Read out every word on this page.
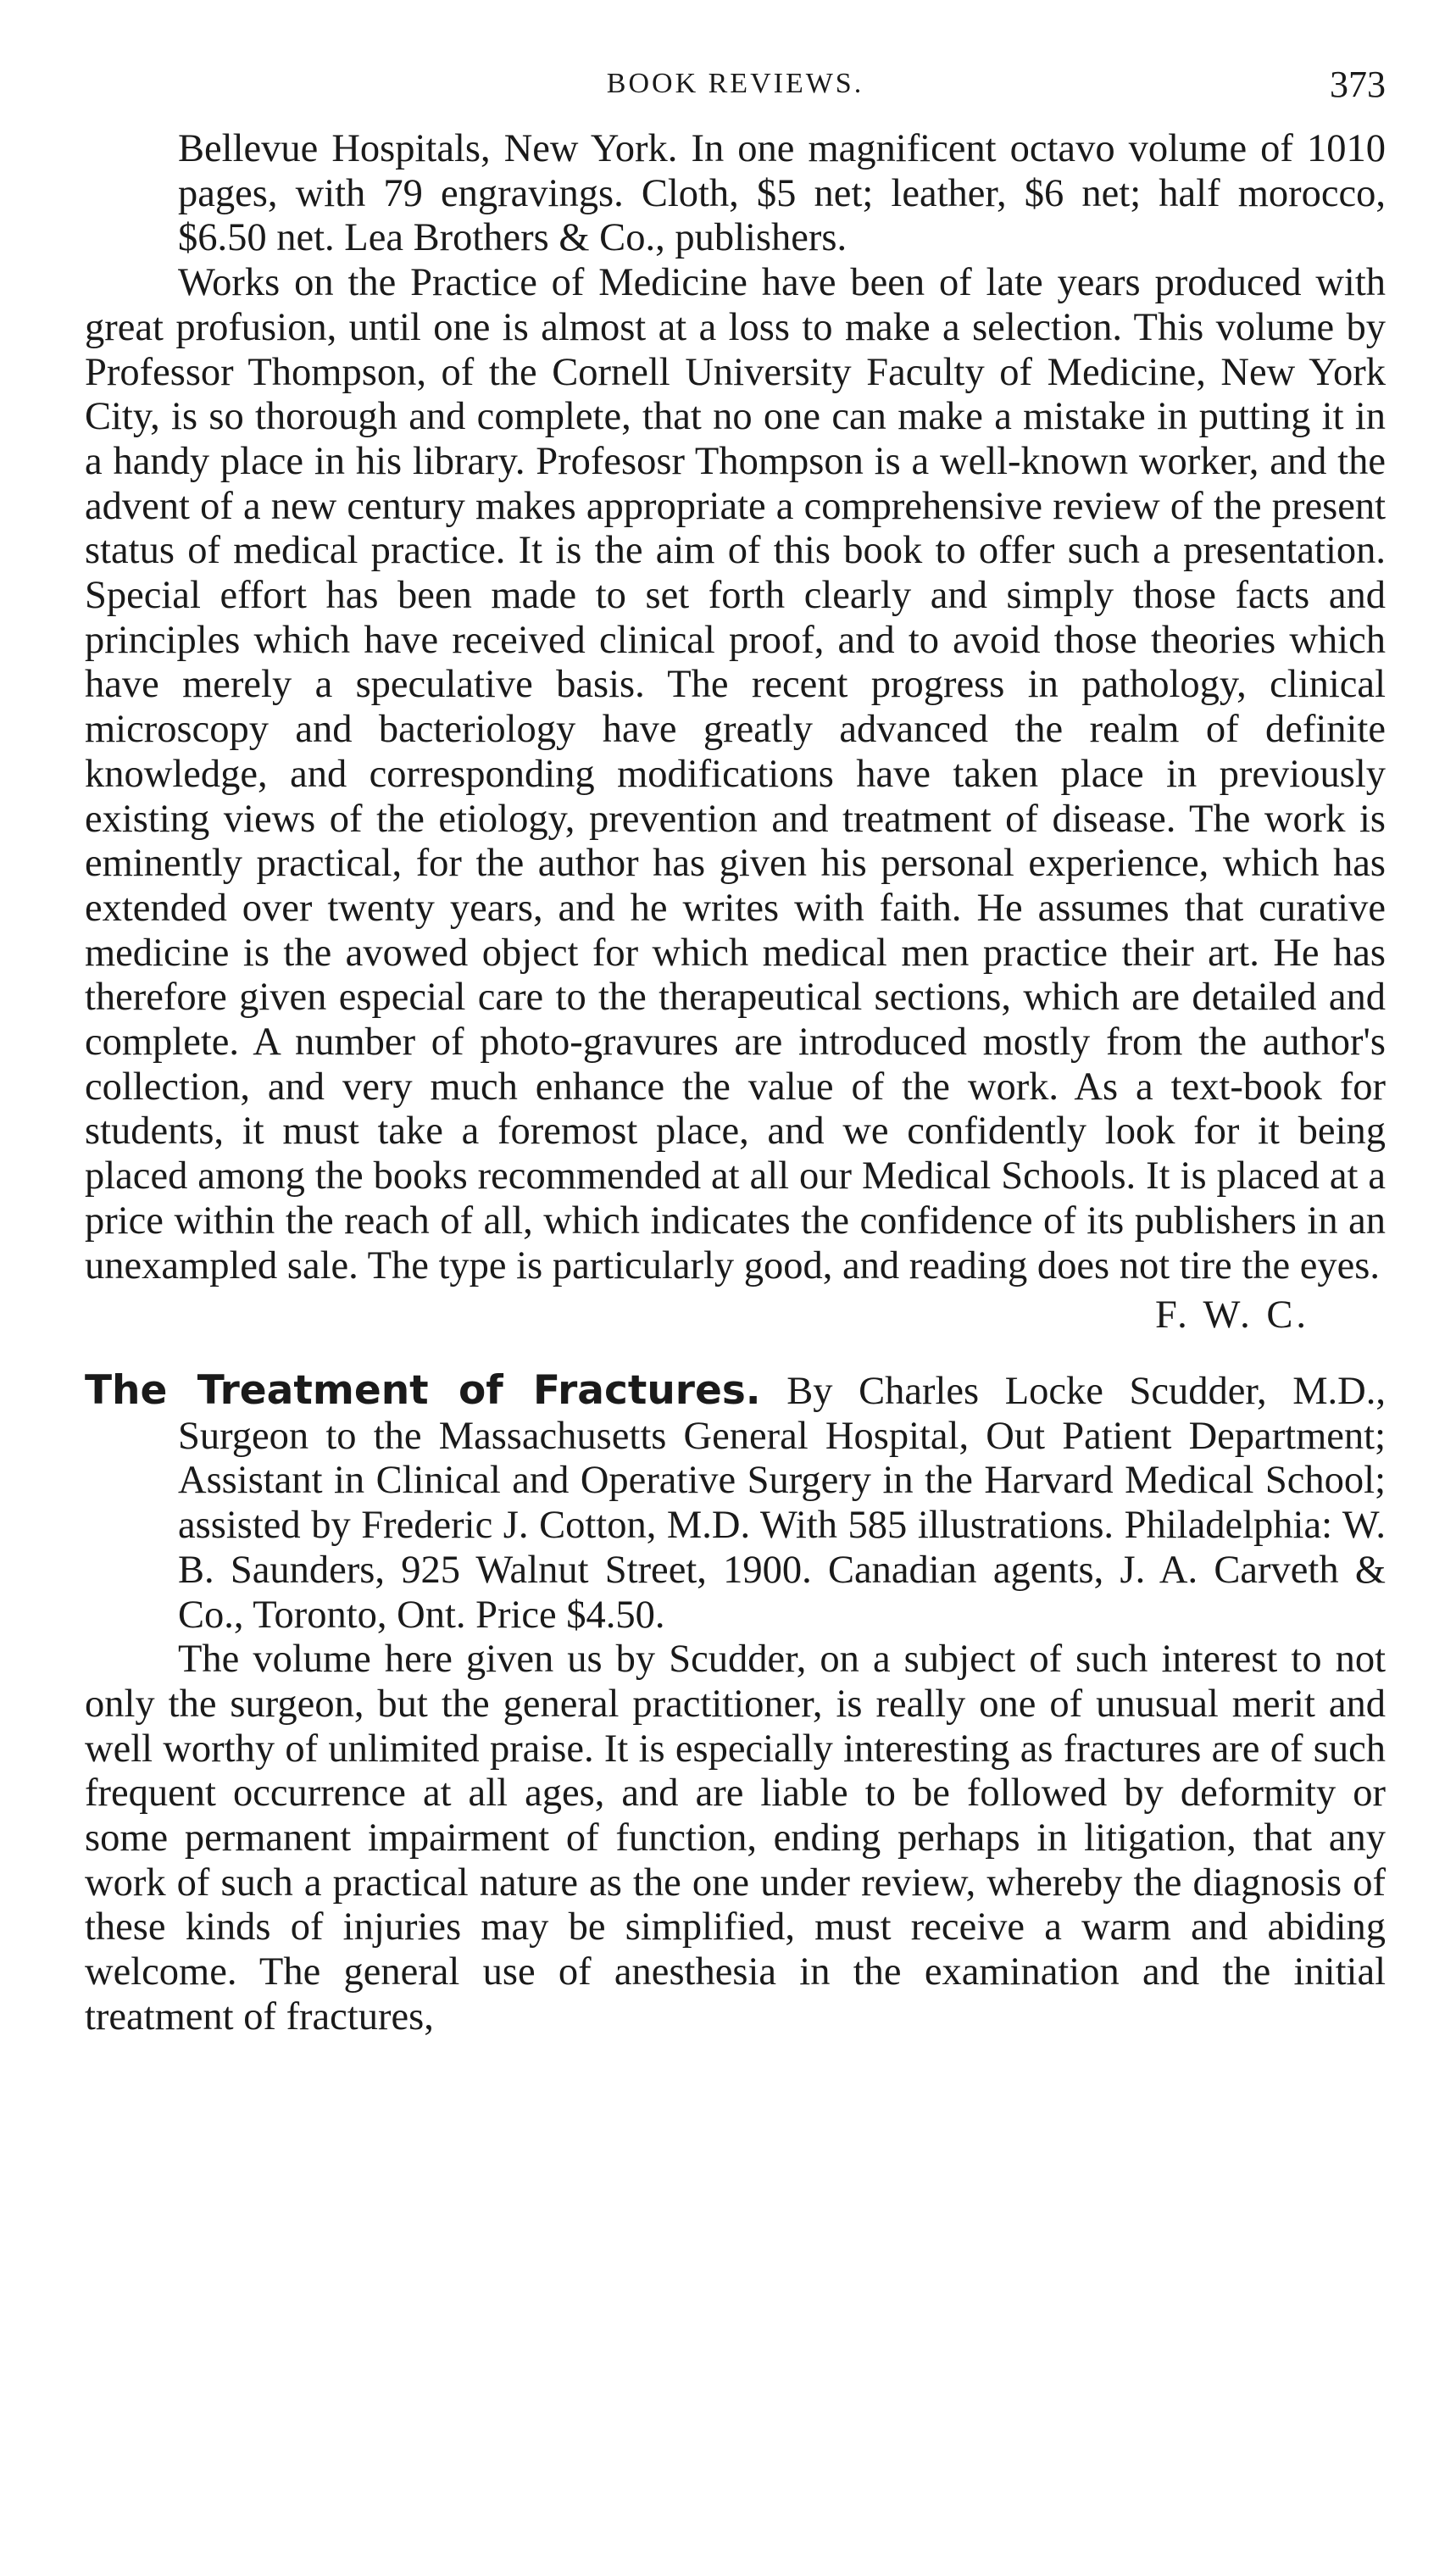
BOOK REVIEWS.	373

Bellevue Hospitals, New York. In one magnificent octavo volume of 1010 pages, with 79 engravings. Cloth, $5 net; leather, $6 net; half morocco, $6.50 net. Lea Brothers & Co., publishers.

Works on the Practice of Medicine have been of late years produced with great profusion, until one is almost at a loss to make a selection. This volume by Professor Thompson, of the Cornell University Faculty of Medicine, New York City, is so thorough and complete, that no one can make a mistake in putting it in a handy place in his library. Profesosr Thompson is a well-known worker, and the advent of a new century makes appropriate a comprehensive review of the present status of medical practice. It is the aim of this book to offer such a presentation. Special effort has been made to set forth clearly and simply those facts and principles which have received clinical proof, and to avoid those theories which have merely a speculative basis. The recent progress in pathology, clinical microscopy and bacteriology have greatly advanced the realm of definite knowledge, and corresponding modifications have taken place in previously existing views of the etiology, prevention and treatment of disease. The work is eminently practical, for the author has given his personal experience, which has extended over twenty years, and he writes with faith. He assumes that curative medicine is the avowed object for which medical men practice their art. He has therefore given especial care to the therapeutical sections, which are detailed and complete. A number of photo-gravures are introduced mostly from the author's collection, and very much enhance the value of the work. As a text-book for students, it must take a foremost place, and we confidently look for it being placed among the books recommended at all our Medical Schools. It is placed at a price within the reach of all, which indicates the confidence of its publishers in an unexampled sale. The type is particularly good, and reading does not tire the eyes.

F. W. C.

The Treatment of Fractures. By Charles Locke Scudder, M.D., Surgeon to the Massachusetts General Hospital, Out Patient Department; Assistant in Clinical and Operative Surgery in the Harvard Medical School; assisted by Frederic J. Cotton, M.D. With 585 illustrations. Philadelphia: W. B. Saunders, 925 Walnut Street, 1900. Canadian agents, J. A. Carveth & Co., Toronto, Ont. Price $4.50.

The volume here given us by Scudder, on a subject of such interest to not only the surgeon, but the general practitioner, is really one of unusual merit and well worthy of unlimited praise. It is especially interesting as fractures are of such frequent occurrence at all ages, and are liable to be followed by deformity or some permanent impairment of function, ending perhaps in litigation, that any work of such a practical nature as the one under review, whereby the diagnosis of these kinds of injuries may be simplified, must receive a warm and abiding welcome. The general use of anesthesia in the examination and the initial treatment of fractures,
